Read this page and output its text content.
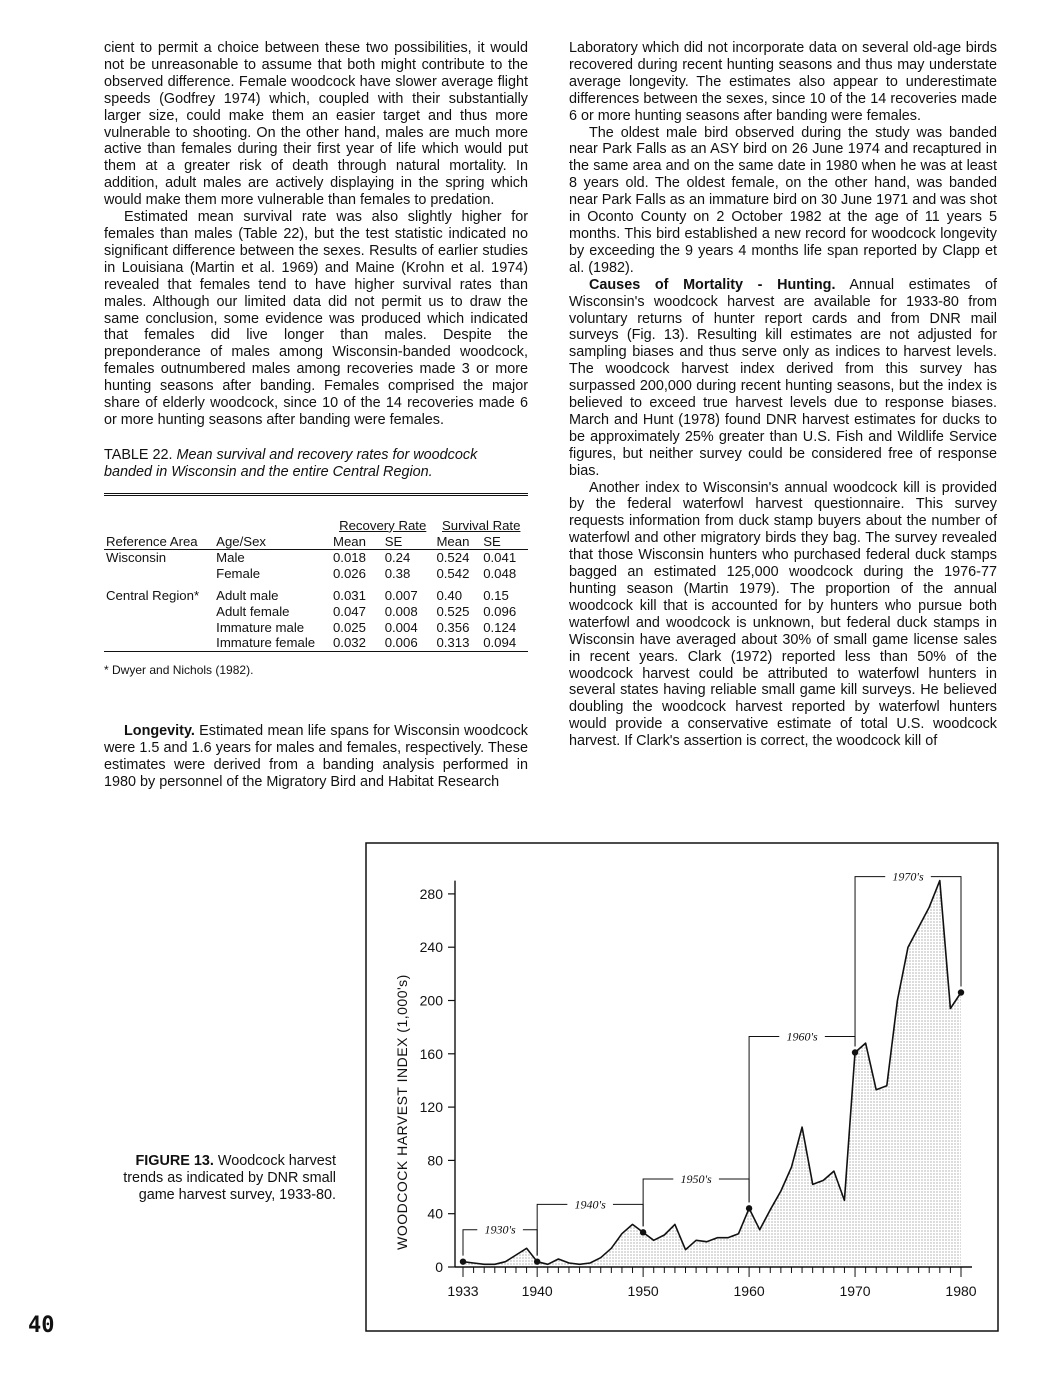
cient to permit a choice between these two possibilities, it would not be unreasonable to assume that both might contribute to the observed difference. Female woodcock have slower average flight speeds (Godfrey 1974) which, coupled with their substantially larger size, could make them an easier target and thus more vulnerable to shooting. On the other hand, males are much more active than females during their first year of life which would put them at a greater risk of death through natural mortality. In addition, adult males are actively displaying in the spring which would make them more vulnerable than females to predation.

Estimated mean survival rate was also slightly higher for females than males (Table 22), but the test statistic indicated no significant difference between the sexes. Results of earlier studies in Louisiana (Martin et al. 1969) and Maine (Krohn et al. 1974) revealed that females tend to have higher survival rates than males. Although our limited data did not permit us to draw the same conclusion, some evidence was produced which indicated that females did live longer than males. Despite the preponderance of males among Wisconsin-banded woodcock, females outnumbered males among recoveries made 3 or more hunting seasons after banding. Females comprised the major share of elderly woodcock, since 10 of the 14 recoveries made 6 or more hunting seasons after banding were females.

TABLE 22. Mean survival and recovery rates for woodcock banded in Wisconsin and the entire Central Region.
		Recovery Rate		Survival Rate	
Reference Area	Age/Sex	Mean	SE	Mean	SE
Wisconsin	Male	0.018	0.24	0.524	0.041
	Female	0.026	0.38	0.542	0.048
Central Region*	Adult male	0.031	0.007	0.40	0.15
	Adult female	0.047	0.008	0.525	0.096
	Immature male	0.025	0.004	0.356	0.124
	Immature female	0.032	0.006	0.313	0.094
* Dwyer and Nichols (1982).

Longevity. Estimated mean life spans for Wisconsin woodcock were 1.5 and 1.6 years for males and females, respectively. These estimates were derived from a banding analysis performed in 1980 by personnel of the Migratory Bird and Habitat Research

Laboratory which did not incorporate data on several old-age birds recovered during recent hunting seasons and thus may understate average longevity. The estimates also appear to underestimate differences between the sexes, since 10 of the 14 recoveries made 6 or more hunting seasons after banding were females.

The oldest male bird observed during the study was banded near Park Falls as an ASY bird on 26 June 1974 and recaptured in the same area and on the same date in 1980 when he was at least 8 years old. The oldest female, on the other hand, was banded near Park Falls as an immature bird on 30 June 1971 and was shot in Oconto County on 2 October 1982 at the age of 11 years 5 months. This bird established a new record for woodcock longevity by exceeding the 9 years 4 months life span reported by Clapp et al. (1982).

Causes of Mortality - Hunting. Annual estimates of Wisconsin's woodcock harvest are available for 1933-80 from voluntary returns of hunter report cards and from DNR mail surveys (Fig. 13). Resulting kill estimates are not adjusted for sampling biases and thus serve only as indices to harvest levels. The woodcock harvest index derived from this survey has surpassed 200,000 during recent hunting seasons, but the index is believed to exceed true harvest levels due to response biases. March and Hunt (1978) found DNR harvest estimates for ducks to be approximately 25% greater than U.S. Fish and Wildlife Service figures, but neither survey could be considered free of response bias.

Another index to Wisconsin's annual woodcock kill is provided by the federal waterfowl harvest questionnaire. This survey requests information from duck stamp buyers about the number of waterfowl and other migratory birds they bag. The survey revealed that those Wisconsin hunters who purchased federal duck stamps bagged an estimated 125,000 woodcock during the 1976-77 hunting season (Martin 1979). The proportion of the annual woodcock kill that is accounted for by hunters who pursue both waterfowl and woodcock is unknown, but federal duck stamps in Wisconsin have averaged about 30% of small game license sales in recent years. Clark (1972) reported less than 50% of the woodcock harvest could be attributed to waterfowl hunters in several states having reliable small game kill surveys. He believed doubling the woodcock harvest reported by waterfowl hunters would provide a conservative estimate of total U.S. woodcock harvest. If Clark's assertion is correct, the woodcock kill of

FIGURE 13. Woodcock harvest trends as indicated by DNR small game harvest survey, 1933-80.
1930's
1940's
1950's
1960's
1970's
0
40
80
120
160
200
240
280
1933	1940	1950	1960	1970	1980
WOODCOCK HARVEST INDEX (1,000's)
40
